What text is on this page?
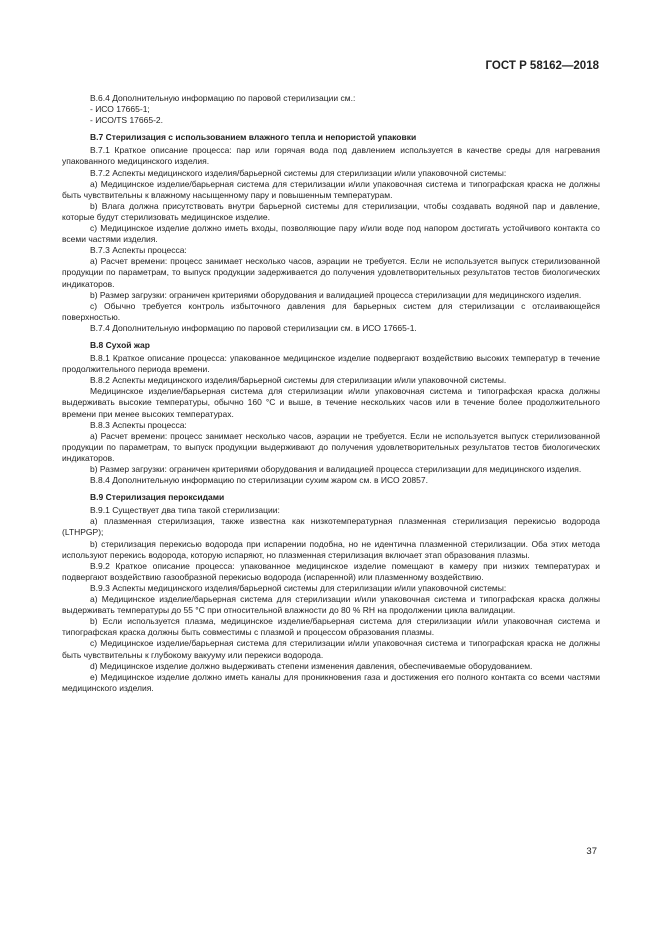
ГОСТ Р 58162—2018

В.6.4 Дополнительную информацию по паровой стерилизации см.:

- ИСО 17665-1;

- ИСО/TS 17665-2.

В.7 Стерилизация с использованием влажного тепла и непористой упаковки

В.7.1 Краткое описание процесса: пар или горячая вода под давлением используется в качестве среды для нагревания упакованного медицинского изделия.

В.7.2 Аспекты медицинского изделия/барьерной системы для стерилизации и/или упаковочной системы:

a) Медицинское изделие/барьерная система для стерилизации и/или упаковочная система и типографская краска не должны быть чувствительны к влажному насыщенному пару и повышенным температурам.

b) Влага должна присутствовать внутри барьерной системы для стерилизации, чтобы создавать водяной пар и давление, которые будут стерилизовать медицинское изделие.

c) Медицинское изделие должно иметь входы, позволяющие пару и/или воде под напором достигать устойчивого контакта со всеми частями изделия.

В.7.3 Аспекты процесса:

a) Расчет времени: процесс занимает несколько часов, аэрации не требуется. Если не используется выпуск стерилизованной продукции по параметрам, то выпуск продукции задерживается до получения удовлетворительных результатов тестов биологических индикаторов.

b) Размер загрузки: ограничен критериями оборудования и валидацией процесса стерилизации для медицинского изделия.

c) Обычно требуется контроль избыточного давления для барьерных систем для стерилизации с отслаивающейся поверхностью.

В.7.4 Дополнительную информацию по паровой стерилизации см. в ИСО 17665-1.

В.8 Сухой жар

В.8.1 Краткое описание процесса: упакованное медицинское изделие подвергают воздействию высоких температур в течение продолжительного периода времени.

В.8.2 Аспекты медицинского изделия/барьерной системы для стерилизации и/или упаковочной системы.

Медицинское изделие/барьерная система для стерилизации и/или упаковочная система и типографская краска должны выдерживать высокие температуры, обычно 160 °С и выше, в течение нескольких часов или в течение более продолжительного времени при менее высоких температурах.

В.8.3 Аспекты процесса:

a) Расчет времени: процесс занимает несколько часов, аэрации не требуется. Если не используется выпуск стерилизованной продукции по параметрам, то выпуск продукции выдерживают до получения удовлетворительных результатов тестов биологических индикаторов.

b) Размер загрузки: ограничен критериями оборудования и валидацией процесса стерилизации для медицинского изделия.

В.8.4 Дополнительную информацию по стерилизации сухим жаром см. в ИСО 20857.

В.9 Стерилизация пероксидами

В.9.1 Существует два типа такой стерилизации:

a) плазменная стерилизация, также известна как низкотемпературная плазменная стерилизация перекисью водорода (LTHPGP);

b) стерилизация перекисью водорода при испарении подобна, но не идентична плазменной стерилизации. Оба этих метода используют перекись водорода, которую испаряют, но плазменная стерилизация включает этап образования плазмы.

В.9.2 Краткое описание процесса: упакованное медицинское изделие помещают в камеру при низких температурах и подвергают воздействию газообразной перекисью водорода (испаренной) или плазменному воздействию.

В.9.3 Аспекты медицинского изделия/барьерной системы для стерилизации и/или упаковочной системы:

a) Медицинское изделие/барьерная система для стерилизации и/или упаковочная система и типографская краска должны выдерживать температуры до 55 °С при относительной влажности до 80 % RH на продолжении цикла валидации.

b) Если используется плазма, медицинское изделие/барьерная система для стерилизации и/или упаковочная система и типографская краска должны быть совместимы с плазмой и процессом образования плазмы.

c) Медицинское изделие/барьерная система для стерилизации и/или упаковочная система и типографская краска не должны быть чувствительны к глубокому вакууму или перекиси водорода.

d) Медицинское изделие должно выдерживать степени изменения давления, обеспечиваемые оборудованием.

e) Медицинское изделие должно иметь каналы для проникновения газа и достижения его полного контакта со всеми частями медицинского изделия.

37
